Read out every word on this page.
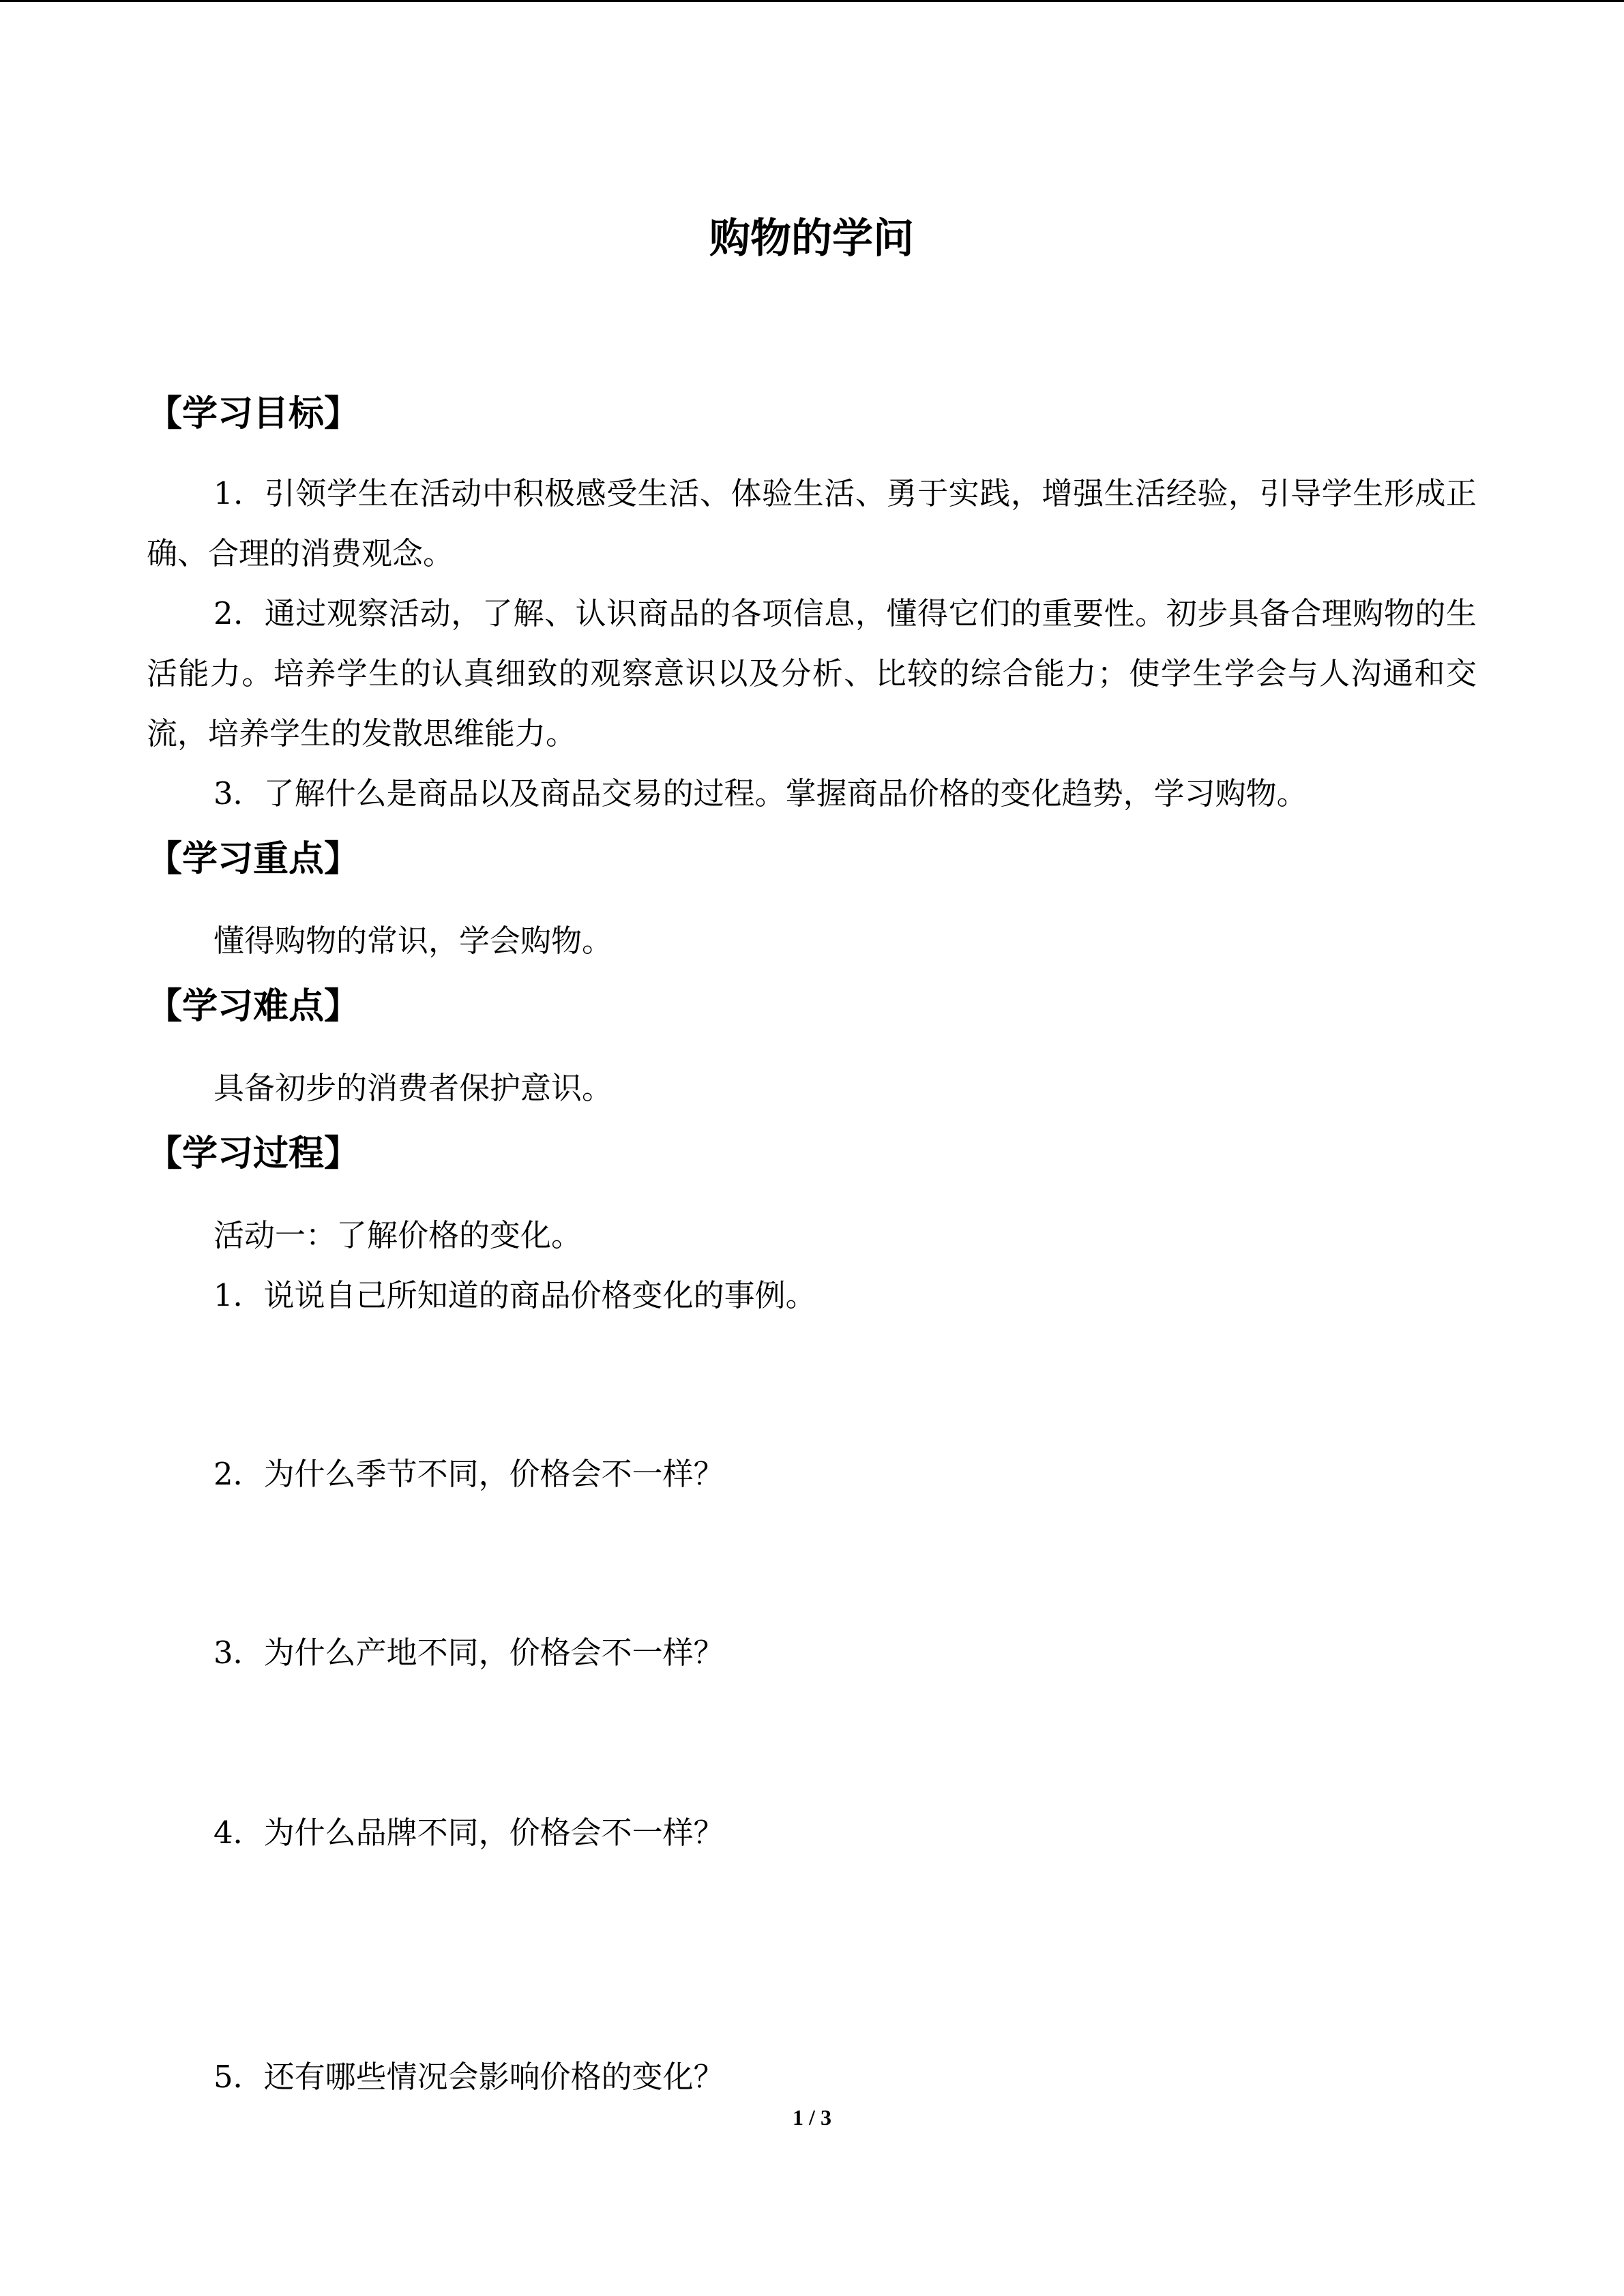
购物的学问
【学习目标】
1．引领学生在活动中积极感受生活、体验生活、勇于实践，增强生活经验，引导学生形成正确、合理的消费观念。
2．通过观察活动，了解、认识商品的各项信息，懂得它们的重要性。初步具备合理购物的生活能力。培养学生的认真细致的观察意识以及分析、比较的综合能力；使学生学会与人沟通和交流，培养学生的发散思维能力。
3．了解什么是商品以及商品交易的过程。掌握商品价格的变化趋势，学习购物。
【学习重点】
懂得购物的常识，学会购物。
【学习难点】
具备初步的消费者保护意识。
【学习过程】
活动一：了解价格的变化。
1．说说自己所知道的商品价格变化的事例。
2．为什么季节不同，价格会不一样？
3．为什么产地不同，价格会不一样？
4．为什么品牌不同，价格会不一样？
5．还有哪些情况会影响价格的变化？
1 / 3
